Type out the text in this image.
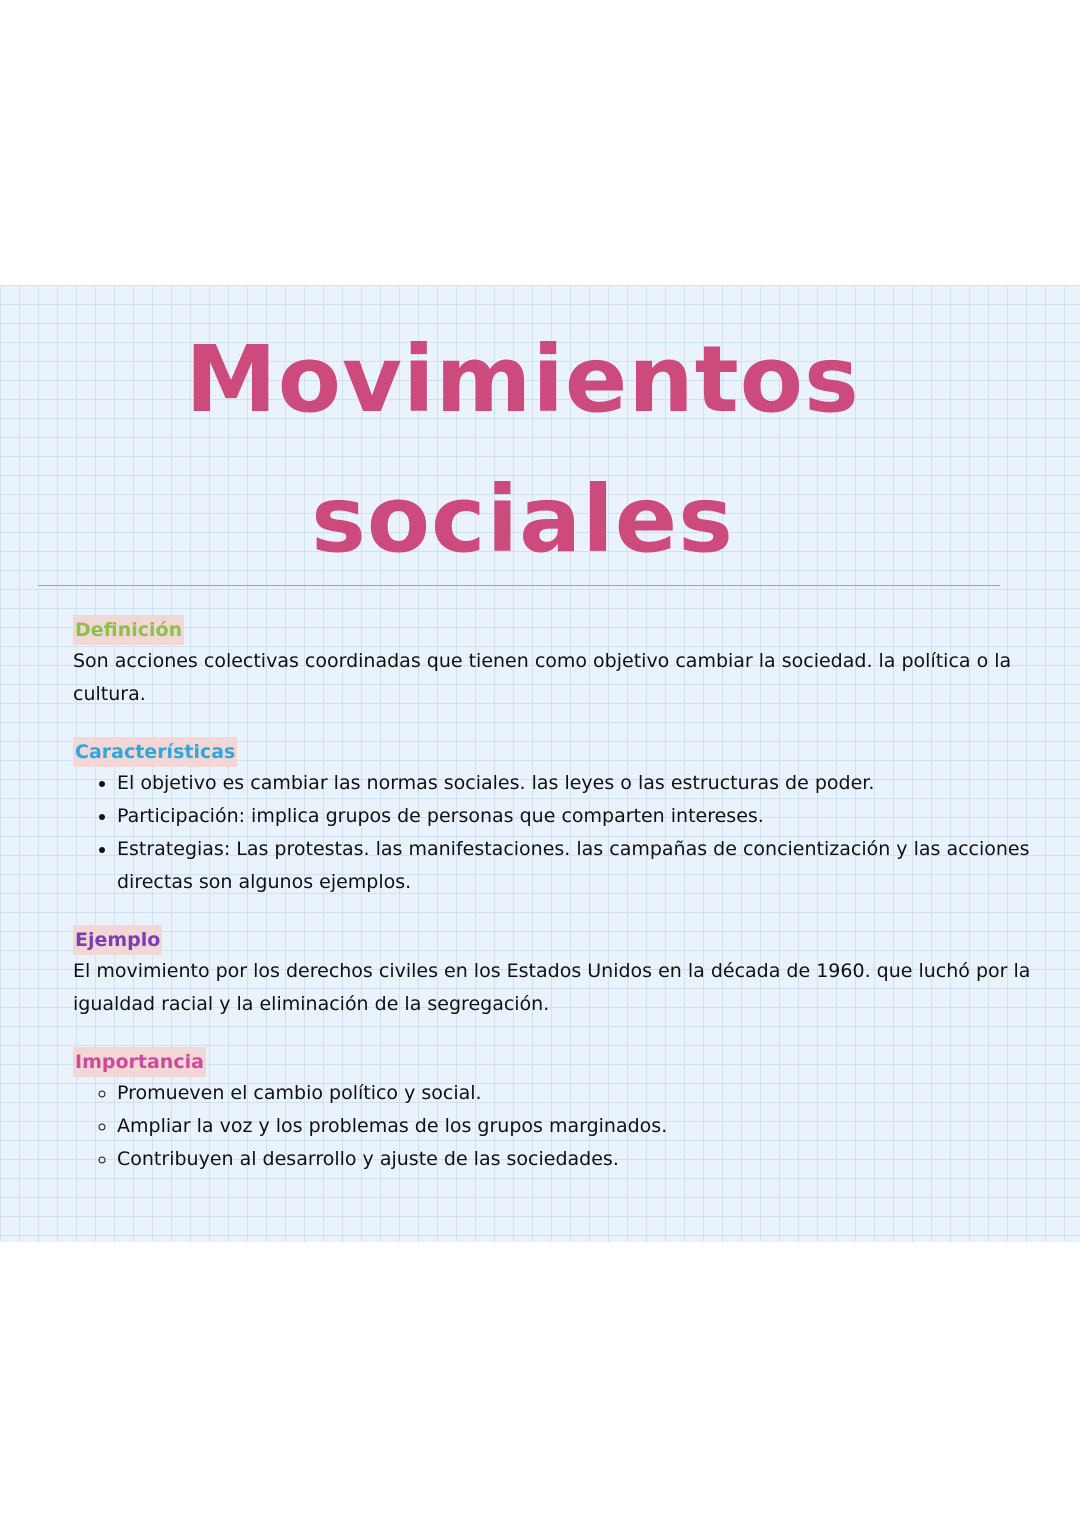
Movimientos
sociales
Definición

Son acciones colectivas coordinadas que tienen como objetivo cambiar la sociedad. la política o la cultura.

Características
• El objetivo es cambiar las normas sociales. las leyes o las estructuras de poder.
• Participación: implica grupos de personas que comparten intereses.
• Estrategias: Las protestas. las manifestaciones. las campañas de concientización y las acciones directas son algunos ejemplos.
Ejemplo

El movimiento por los derechos civiles en los Estados Unidos en la década de 1960. que luchó por la igualdad racial y la eliminación de la segregación.

Importancia
◦ Promueven el cambio político y social.
◦ Ampliar la voz y los problemas de los grupos marginados.
◦ Contribuyen al desarrollo y ajuste de las sociedades.
